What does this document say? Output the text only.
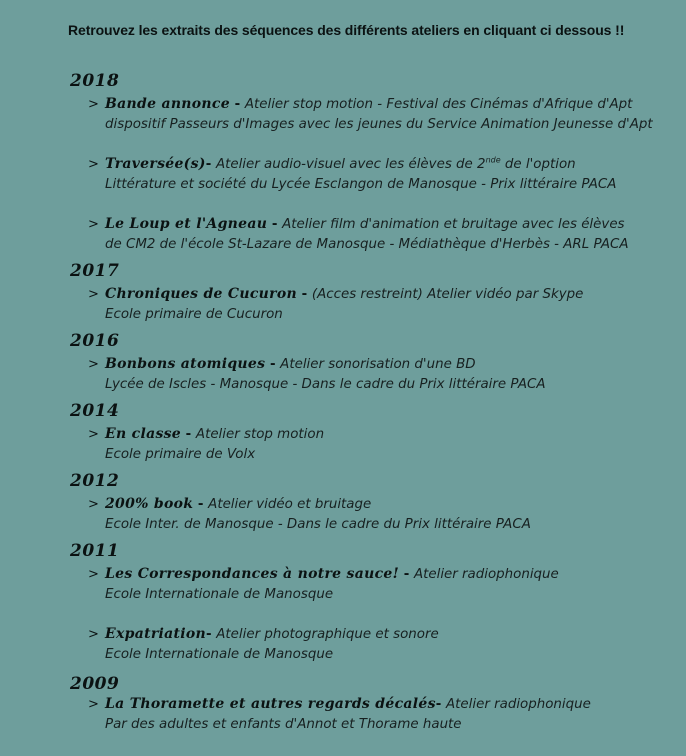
Retrouvez les extraits des séquences des différents ateliers en cliquant ci dessous !!
2018
> Bande annonce - Atelier stop motion - Festival des Cinémas d'Afrique d'Apt
dispositif Passeurs d'Images avec les jeunes du Service Animation Jeunesse d'Apt
> Traversée(s)- Atelier audio-visuel avec les élèves de 2nde de l'option
Littérature et société du Lycée Esclangon de Manosque - Prix littéraire PACA
> Le Loup et l'Agneau - Atelier film d'animation et bruitage avec les élèves
de CM2 de l'école St-Lazare de Manosque - Médiathèque d'Herbès - ARL PACA
2017
> Chroniques de Cucuron - (Acces restreint) Atelier vidéo par Skype
Ecole primaire de Cucuron
2016
> Bonbons atomiques - Atelier sonorisation d'une BD
Lycée de Iscles - Manosque - Dans le cadre du Prix littéraire PACA
2014
> En classe - Atelier stop motion
Ecole primaire de Volx
2012
> 200% book - Atelier vidéo et bruitage
Ecole Inter. de Manosque - Dans le cadre du Prix littéraire PACA
2011
> Les Correspondances à notre sauce! - Atelier radiophonique
Ecole Internationale de Manosque
> Expatriation- Atelier photographique et sonore
Ecole Internationale de Manosque
2009
> La Thoramette et autres regards décalés- Atelier radiophonique
Par des adultes et enfants d'Annot et Thorame haute
